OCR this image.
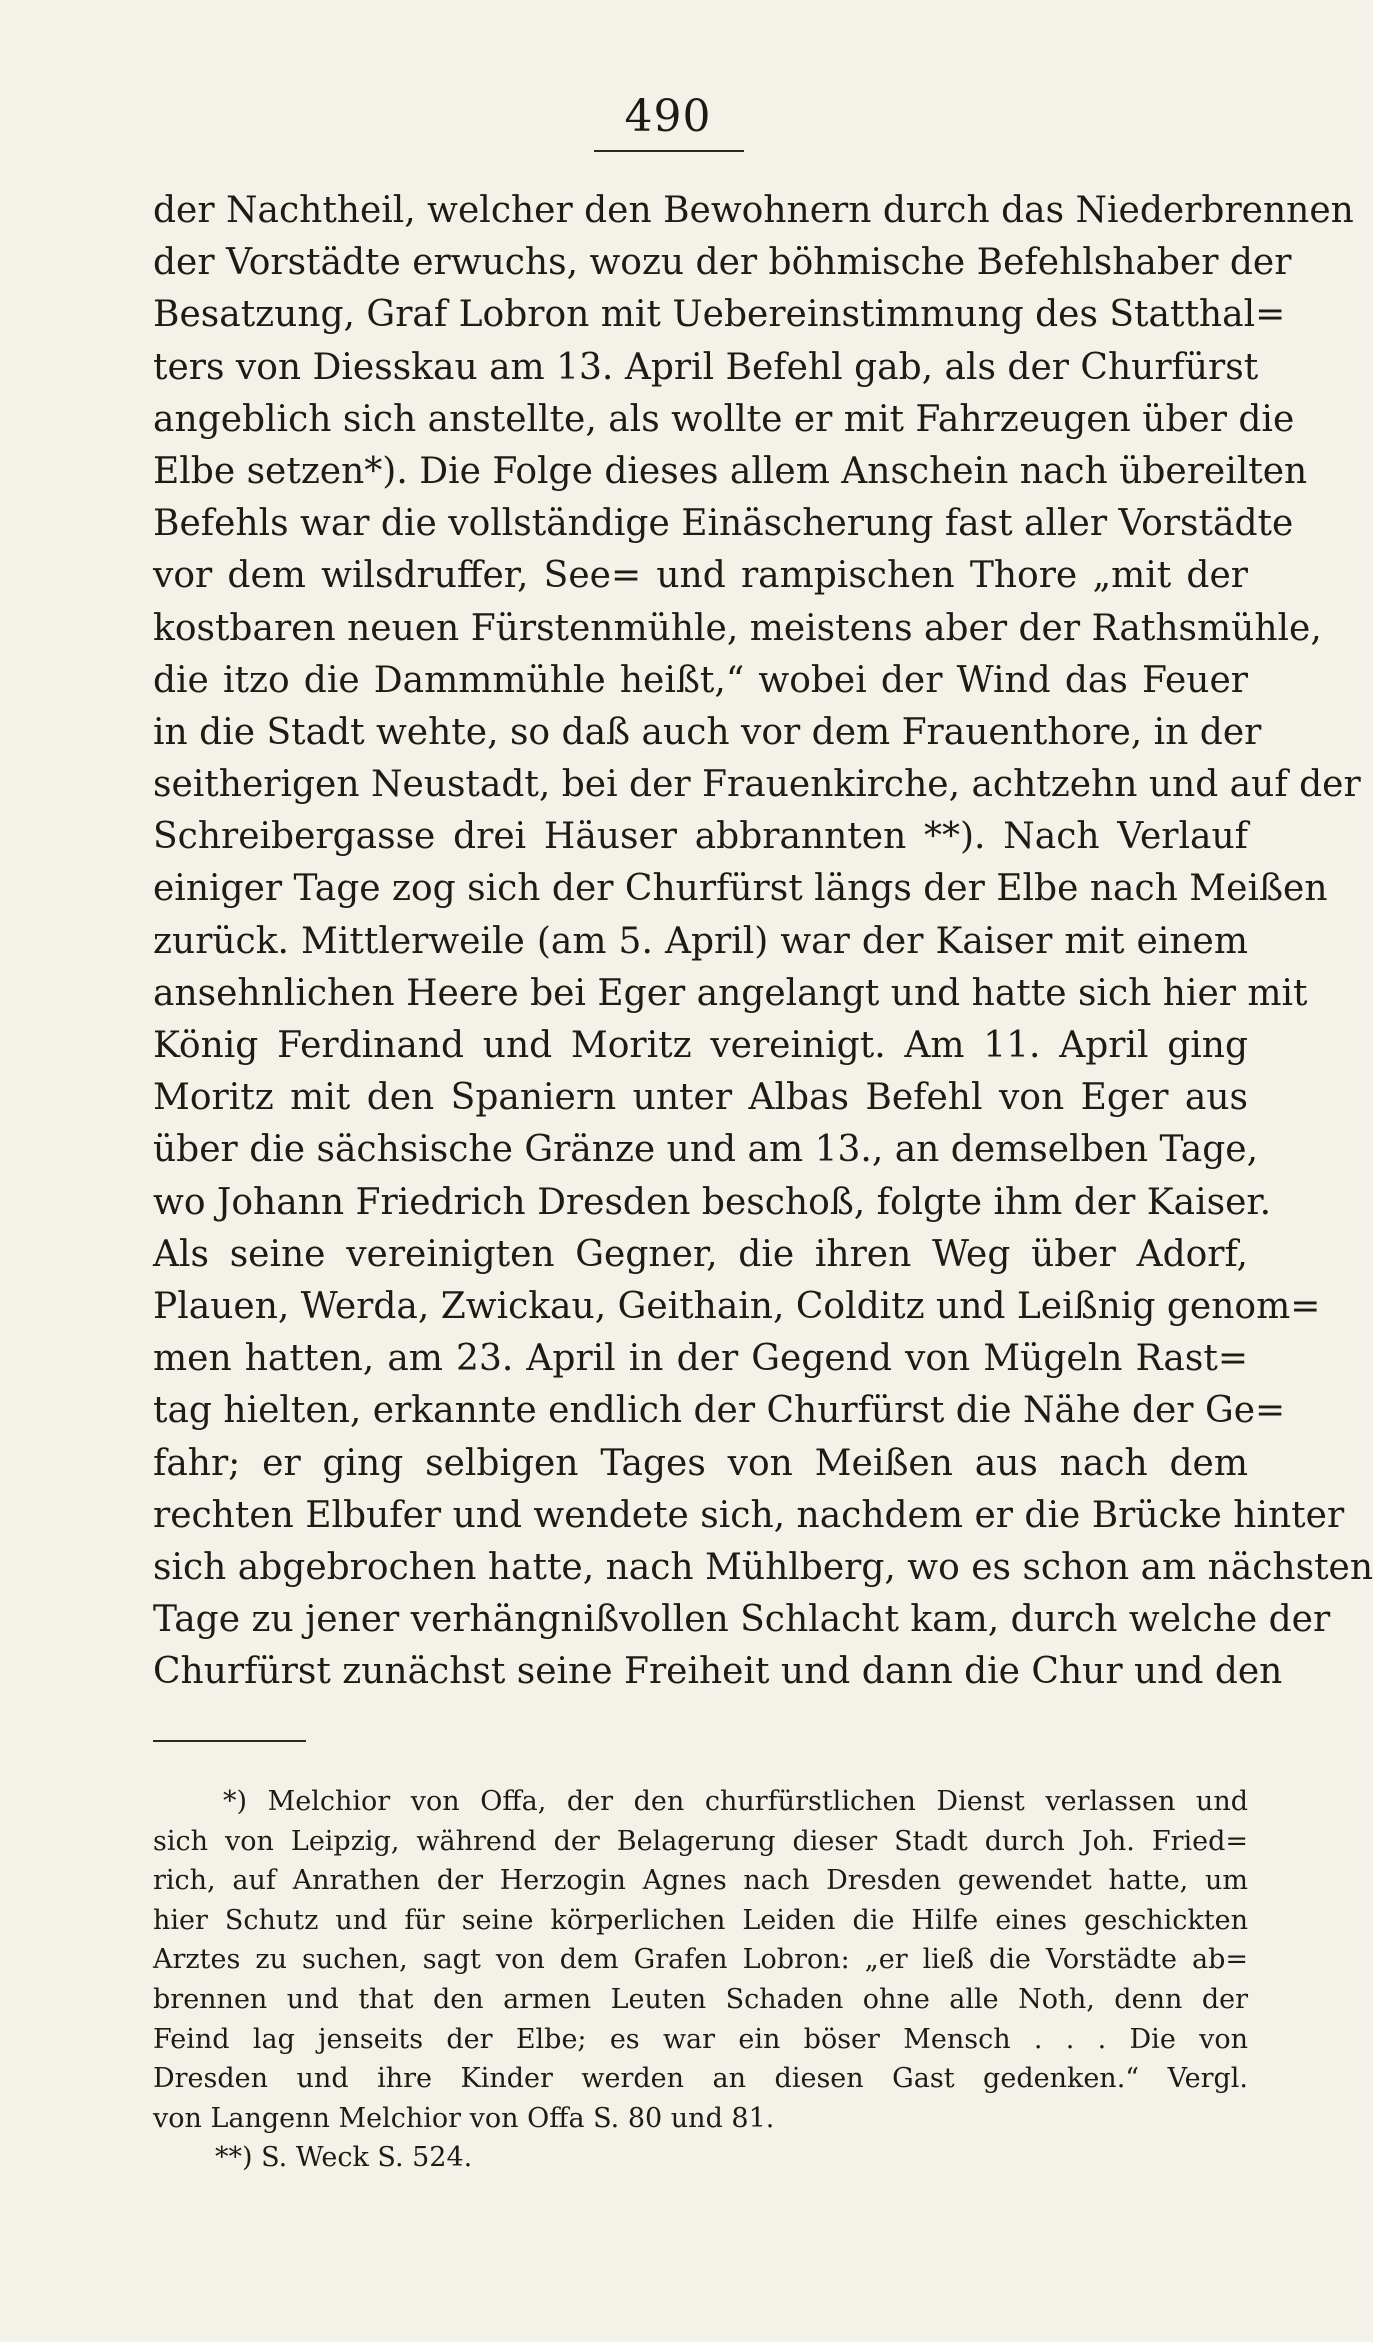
490
der Nachtheil, welcher den Bewohnern durch das Niederbrennen
der Vorstädte erwuchs, wozu der böhmische Befehlshaber der
Besatzung, Graf Lobron mit Uebereinstimmung des Statthal=
ters von Diesskau am 13. April Befehl gab, als der Churfürst
angeblich sich anstellte, als wollte er mit Fahrzeugen über die
Elbe setzen*). Die Folge dieses allem Anschein nach übereilten
Befehls war die vollständige Einäscherung fast aller Vorstädte
vor dem wilsdruffer, See= und rampischen Thore „mit der
kostbaren neuen Fürstenmühle, meistens aber der Rathsmühle,
die itzo die Dammmühle heißt,“ wobei der Wind das Feuer
in die Stadt wehte, so daß auch vor dem Frauenthore, in der
seitherigen Neustadt, bei der Frauenkirche, achtzehn und auf der
Schreibergasse drei Häuser abbrannten **). Nach Verlauf
einiger Tage zog sich der Churfürst längs der Elbe nach Meißen
zurück. Mittlerweile (am 5. April) war der Kaiser mit einem
ansehnlichen Heere bei Eger angelangt und hatte sich hier mit
König Ferdinand und Moritz vereinigt. Am 11. April ging
Moritz mit den Spaniern unter Albas Befehl von Eger aus
über die sächsische Gränze und am 13., an demselben Tage,
wo Johann Friedrich Dresden beschoß, folgte ihm der Kaiser.
Als seine vereinigten Gegner, die ihren Weg über Adorf,
Plauen, Werda, Zwickau, Geithain, Colditz und Leißnig genom=
men hatten, am 23. April in der Gegend von Mügeln Rast=
tag hielten, erkannte endlich der Churfürst die Nähe der Ge=
fahr; er ging selbigen Tages von Meißen aus nach dem
rechten Elbufer und wendete sich, nachdem er die Brücke hinter
sich abgebrochen hatte, nach Mühlberg, wo es schon am nächsten
Tage zu jener verhängnißvollen Schlacht kam, durch welche der
Churfürst zunächst seine Freiheit und dann die Chur und den
*) Melchior von Offa, der den churfürstlichen Dienst verlassen und
sich von Leipzig, während der Belagerung dieser Stadt durch Joh. Fried=
rich, auf Anrathen der Herzogin Agnes nach Dresden gewendet hatte, um
hier Schutz und für seine körperlichen Leiden die Hilfe eines geschickten
Arztes zu suchen, sagt von dem Grafen Lobron: „er ließ die Vorstädte ab=
brennen und that den armen Leuten Schaden ohne alle Noth, denn der
Feind lag jenseits der Elbe; es war ein böser Mensch . . . Die von
Dresden und ihre Kinder werden an diesen Gast gedenken.“ Vergl.
von Langenn Melchior von Offa S. 80 und 81.
**) S. Weck S. 524.
